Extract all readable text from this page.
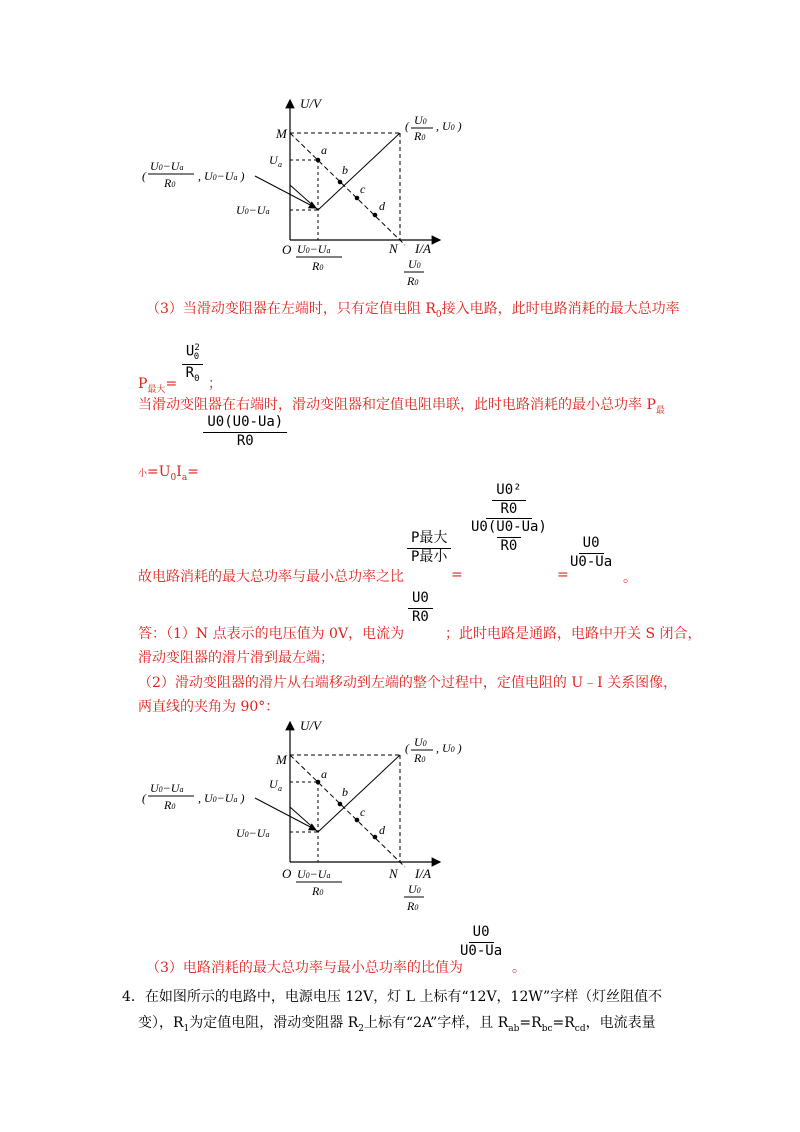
U/V
I/A
O
M
U a
U0−Ua
a
b
c
d
N
U0−Ua
R0	U0
R0
( U0
R0
, U0 )
(
U0−Ua
R0
, U0−Ua )
（3）当滑动变阻器在左端时，只有定值电阻 $R_0$接入电路，此时电路消耗的最大总功率
$P_{最大}= \frac{U^2_0}{R_0}$ ；
当滑动变阻器在右端时，滑动变阻器和定值电阻串联，此时电路消耗的最小总功率 $P_最$
小$=U_0I_a=$
$\frac{U0(U0-Ua)}{R0}$
故电路消耗的最大总功率与最小总功率之比
$\frac{\text{P最大}}{\text{P最小}}$
=
$\frac{\frac{\text{U0²}}{R0}}{\frac{U0(U0-Ua)}{R0}}$
=
$\frac{U0}{U0-Ua}$
。
答：（1）N 点表示的电压值为 0V，电流为
$\frac{U0}{R0}$
；此时电路是通路，电路中开关 S 闭合，
滑动变阻器的滑片滑到最左端；
（2）滑动变阻器的滑片从右端移动到左端的整个过程中，定值电阻的 U﹣I 关系图像，
两直线的夹角为 90°：
U/V
I/A
O
M
U a
U0−Ua
a
b
c
d
N
U0−Ua
R0	U0
R0
( U0
R0
, U0 )
(
U0−Ua
R0
, U0−Ua )
（3）电路消耗的最大总功率与最小总功率的比值为
$\frac{U0}{U0-Ua}$
。
4．在如图所示的电路中，电源电压 12V，灯 L 上标有“12V，12W”字样（灯丝阻值不
变），$R_1$为定值电阻，滑动变阻器 $R_2$上标有“2A”字样，且 $R_{ab}=R_{bc}=R_{cd}$，电流表量
